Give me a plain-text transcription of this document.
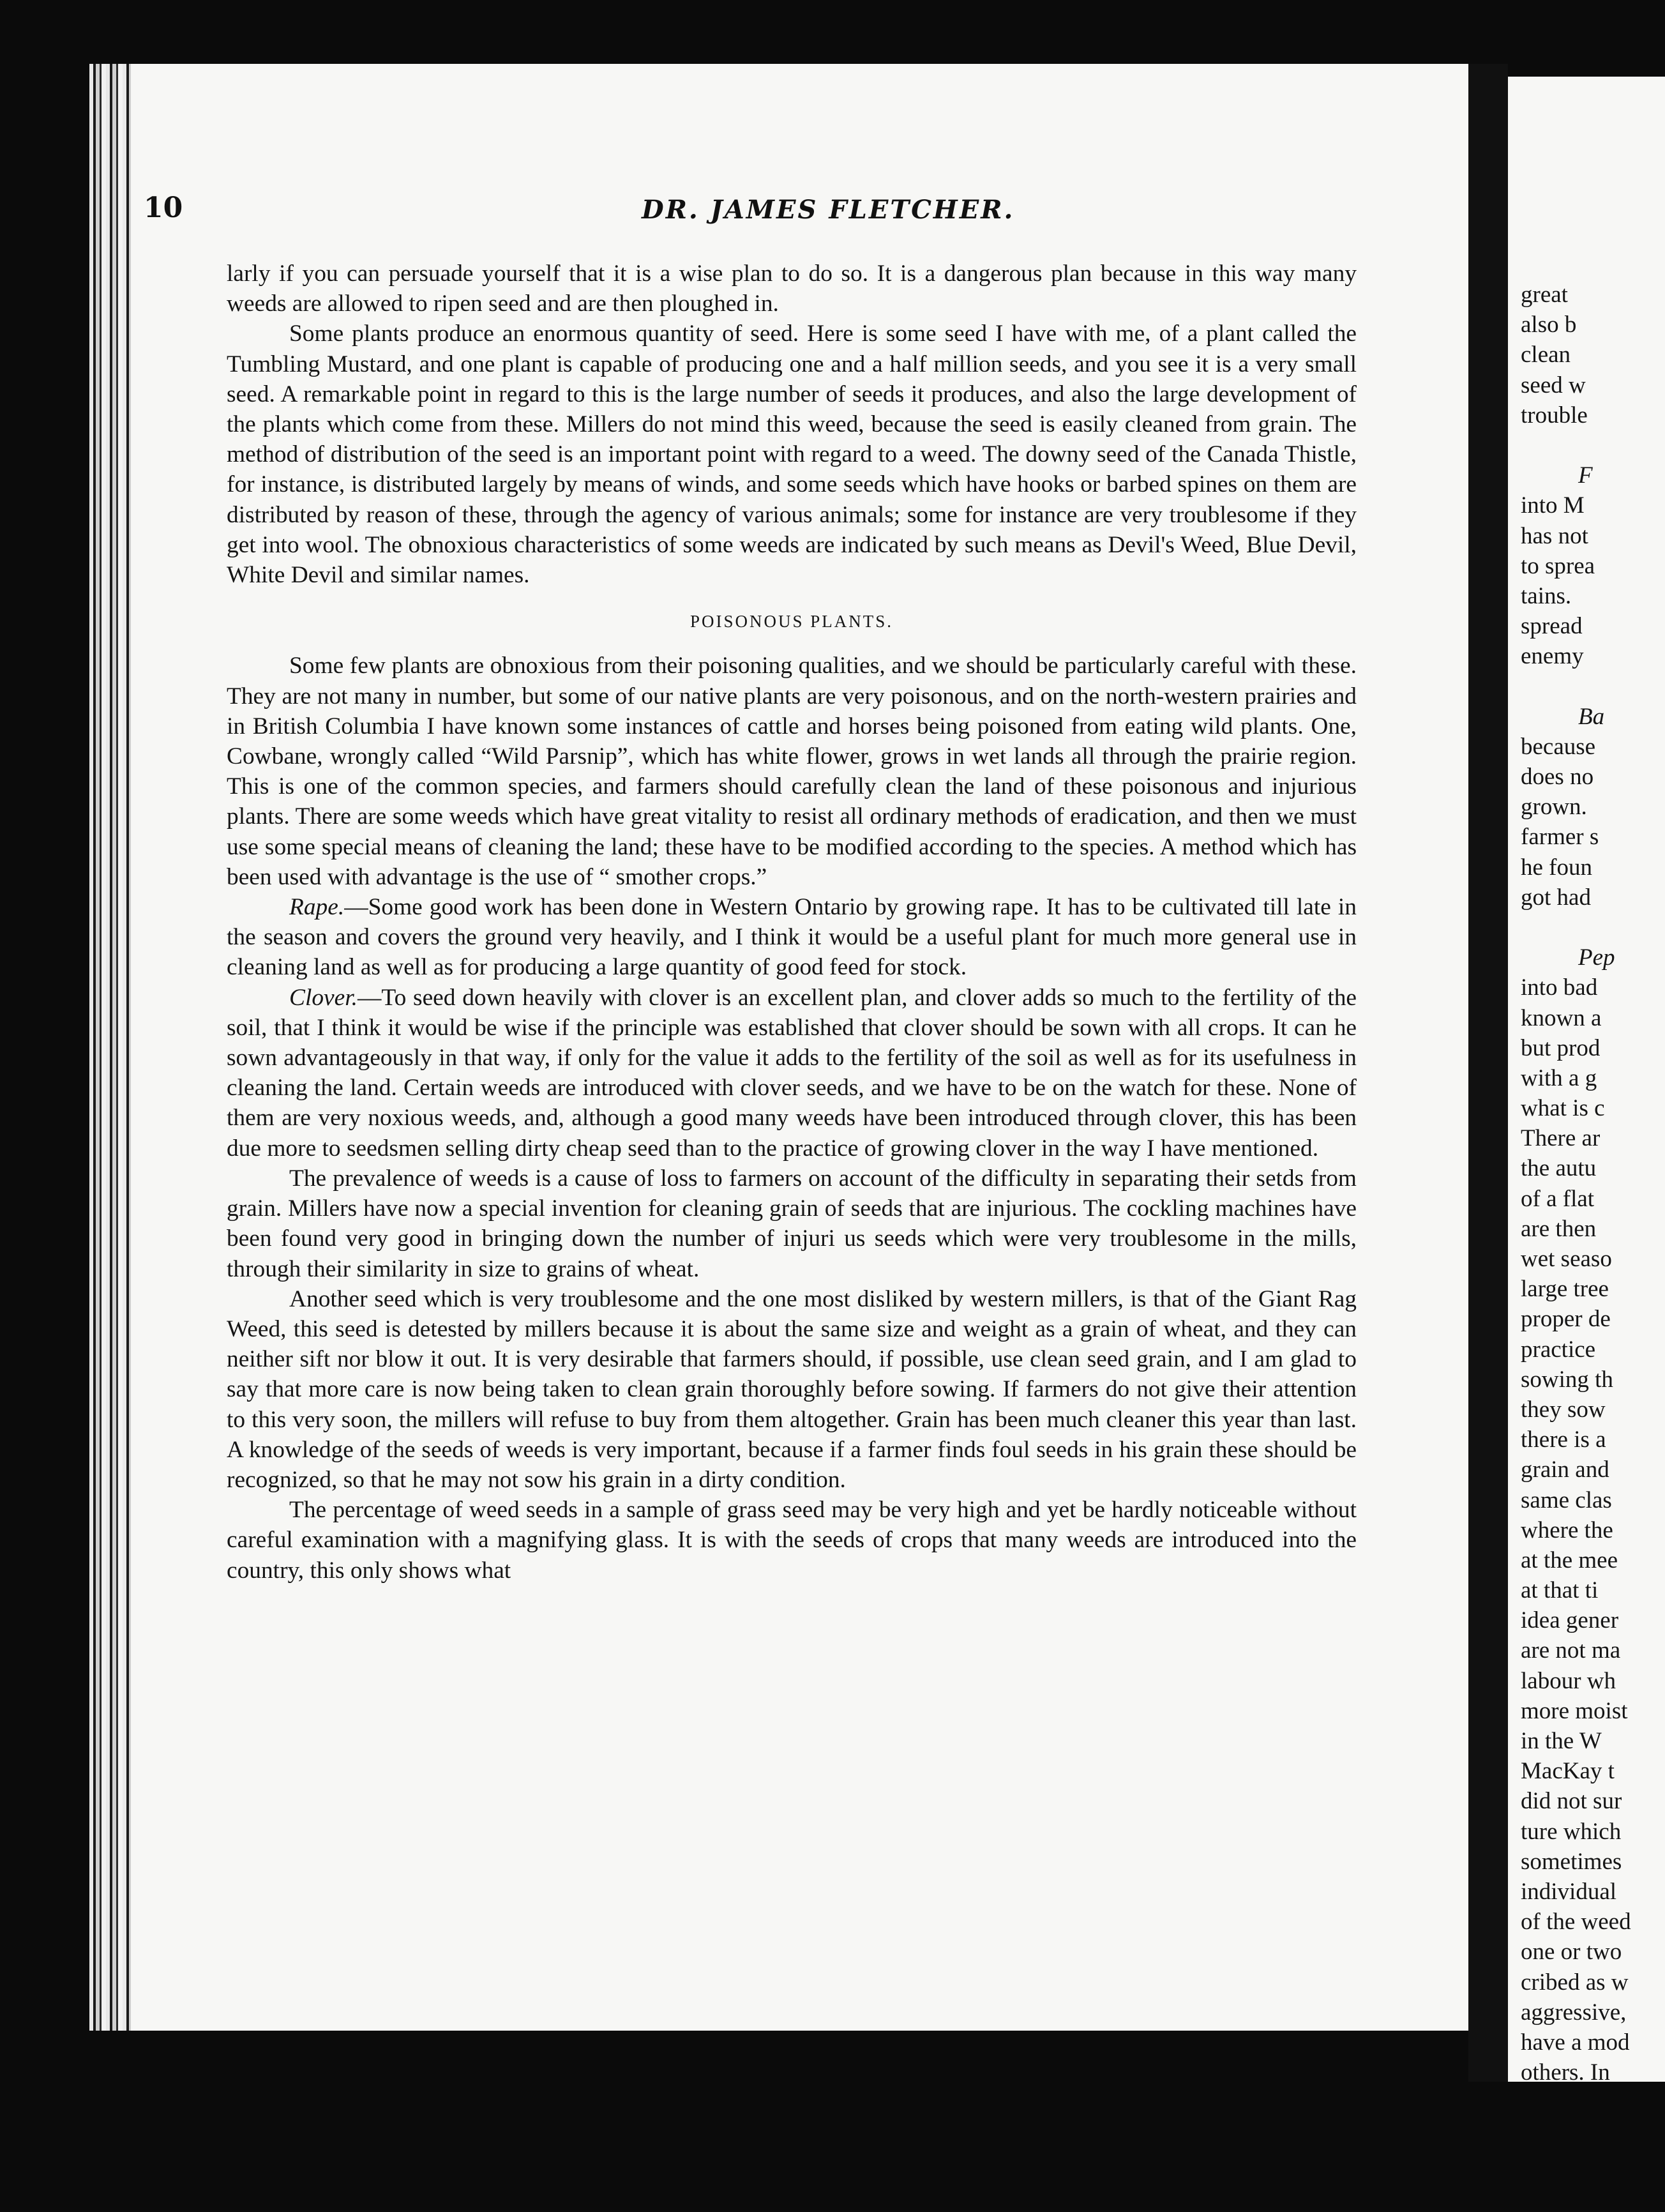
10	DR. JAMES FLETCHER.

larly if you can persuade yourself that it is a wise plan to do so. It is a dangerous plan because in this way many weeds are allowed to ripen seed and are then ploughed in.

Some plants produce an enormous quantity of seed. Here is some seed I have with me, of a plant called the Tumbling Mustard, and one plant is capable of producing one and a half million seeds, and you see it is a very small seed. A remarkable point in regard to this is the large number of seeds it produces, and also the large development of the plants which come from these. Millers do not mind this weed, because the seed is easily cleaned from grain. The method of distribution of the seed is an important point with regard to a weed. The downy seed of the Canada Thistle, for instance, is distributed largely by means of winds, and some seeds which have hooks or barbed spines on them are distributed by reason of these, through the agency of various animals; some for instance are very troublesome if they get into wool. The obnoxious characteristics of some weeds are indicated by such means as Devil's Weed, Blue Devil, White Devil and similar names.

POISONOUS PLANTS.

Some few plants are obnoxious from their poisoning qualities, and we should be particularly careful with these. They are not many in number, but some of our native plants are very poisonous, and on the north-western prairies and in British Columbia I have known some instances of cattle and horses being poisoned from eating wild plants. One, Cowbane, wrongly called “Wild Parsnip”, which has white flower, grows in wet lands all through the prairie region. This is one of the common species, and farmers should carefully clean the land of these poisonous and injurious plants. There are some weeds which have great vitality to resist all ordinary methods of eradication, and then we must use some special means of cleaning the land; these have to be modified according to the species. A method which has been used with advantage is the use of “ smother crops.”

Rape.—Some good work has been done in Western Ontario by growing rape. It has to be cultivated till late in the season and covers the ground very heavily, and I think it would be a useful plant for much more general use in cleaning land as well as for producing a large quantity of good feed for stock.

Clover.—To seed down heavily with clover is an excellent plan, and clover adds so much to the fertility of the soil, that I think it would be wise if the principle was established that clover should be sown with all crops. It can he sown advantageously in that way, if only for the value it adds to the fertility of the soil as well as for its usefulness in cleaning the land. Certain weeds are introduced with clover seeds, and we have to be on the watch for these. None of them are very noxious weeds, and, although a good many weeds have been introduced through clover, this has been due more to seedsmen selling dirty cheap seed than to the practice of growing clover in the way I have mentioned.

The prevalence of weeds is a cause of loss to farmers on account of the difficulty in separating their setds from grain. Millers have now a special invention for cleaning grain of seeds that are injurious. The cockling machines have been found very good in bringing down the number of injuri us seeds which were very troublesome in the mills, through their similarity in size to grains of wheat.

Another seed which is very troublesome and the one most disliked by western millers, is that of the Giant Rag Weed, this seed is detested by millers because it is about the same size and weight as a grain of wheat, and they can neither sift nor blow it out. It is very desirable that farmers should, if possible, use clean seed grain, and I am glad to say that more care is now being taken to clean grain thoroughly before sowing. If farmers do not give their attention to this very soon, the millers will refuse to buy from them altogether. Grain has been much cleaner this year than last. A knowledge of the seeds of weeds is very important, because if a farmer finds foul seeds in his grain these should be recognized, so that he may not sow his grain in a dirty condition.

The percentage of weed seeds in a sample of grass seed may be very high and yet be hardly noticeable without careful examination with a magnifying glass. It is with the seeds of crops that many weeds are introduced into the country, this only shows what

great
also b
clean
seed w
trouble
F
into M
has not
to sprea
tains.
spread
enemy
Ba
because
does no
grown.
farmer s
he foun
got had
Pep
into bad
known a
but prod
with a g
what is c
There ar
the autu
of a flat
are then
wet seaso
large tree
proper de
practice
sowing th
they sow
there is a
grain and
same clas
where the
at the mee
at that ti
idea gener
are not ma
labour wh
more moist
in the W
MacKay t
did not sur
ture which
sometimes
individual
of the weed
one or two
cribed as w
aggressive,
have a mod
others. In
